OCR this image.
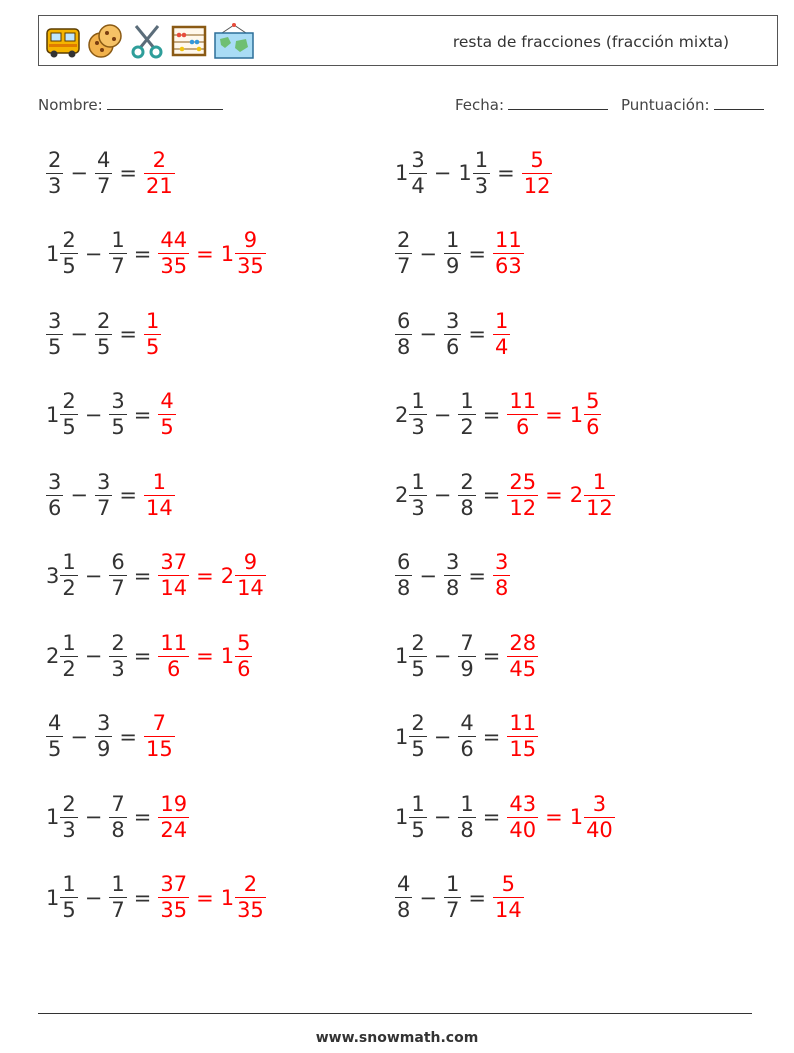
resta de fracciones (fracción mixta)
Nombre:	Fecha:	Puntuación:
$\frac{2}{3} - \frac{4}{7} = \frac{2}{21}$	$1 \frac{3}{4} - 1 \frac{1}{3} = \frac{5}{12}$
$1 \frac{2}{5} - \frac{1}{7} = \frac{44}{35} = 1 \frac{9}{35}$	$\frac{2}{7} - \frac{1}{9} = \frac{11}{63}$
$\frac{3}{5} - \frac{2}{5} = \frac{1}{5}$	$\frac{6}{8} - \frac{3}{6} = \frac{1}{4}$
$1 \frac{2}{5} - \frac{3}{5} = \frac{4}{5}$	$2 \frac{1}{3} - \frac{1}{2} = \frac{11}{6} = 1 \frac{5}{6}$
$\frac{3}{6} - \frac{3}{7} = \frac{1}{14}$	$2 \frac{1}{3} - \frac{2}{8} = \frac{25}{12} = 2 \frac{1}{12}$
$3 \frac{1}{2} - \frac{6}{7} = \frac{37}{14} = 2 \frac{9}{14}$	$\frac{6}{8} - \frac{3}{8} = \frac{3}{8}$
$2 \frac{1}{2} - \frac{2}{3} = \frac{11}{6} = 1 \frac{5}{6}$	$1 \frac{2}{5} - \frac{7}{9} = \frac{28}{45}$
$\frac{4}{5} - \frac{3}{9} = \frac{7}{15}$	$1 \frac{2}{5} - \frac{4}{6} = \frac{11}{15}$
$1 \frac{2}{3} - \frac{7}{8} = \frac{19}{24}$	$1 \frac{1}{5} - \frac{1}{8} = \frac{43}{40} = 1 \frac{3}{40}$
$1 \frac{1}{5} - \frac{1}{7} = \frac{37}{35} = 1 \frac{2}{35}$	$\frac{4}{8} - \frac{1}{7} = \frac{5}{14}$
www.snowmath.com
